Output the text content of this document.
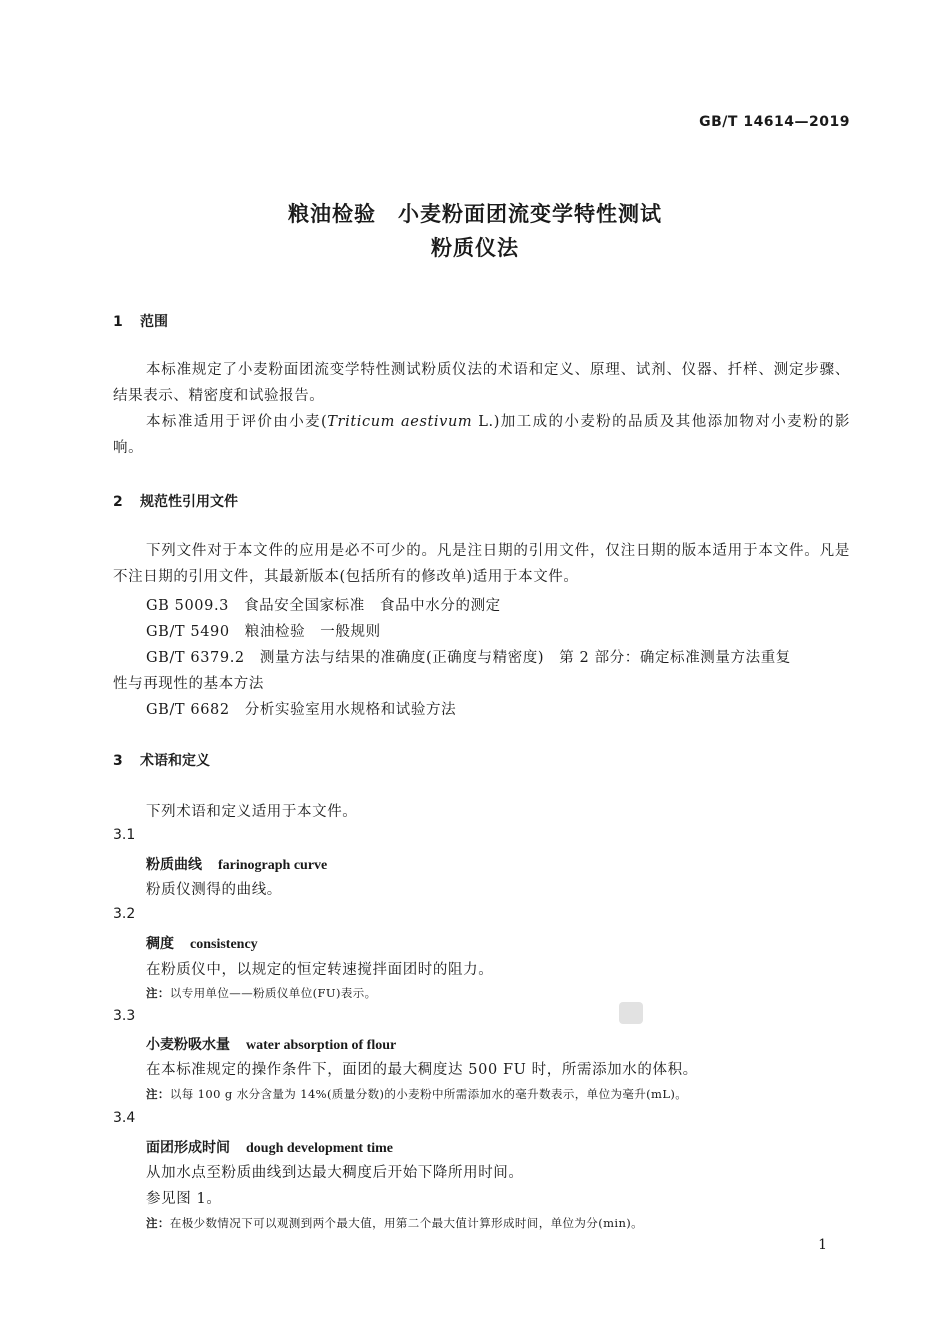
GB/T 14614—2019
粮油检验　小麦粉面团流变学特性测试
粉质仪法
1 范围
本标准规定了小麦粉面团流变学特性测试粉质仪法的术语和定义、原理、试剂、仪器、扦样、测定步骤、结果表示、精密度和试验报告。
本标准适用于评价由小麦(Triticum aestivum L.)加工成的小麦粉的品质及其他添加物对小麦粉的影响。
2 规范性引用文件
下列文件对于本文件的应用是必不可少的。凡是注日期的引用文件，仅注日期的版本适用于本文件。凡是不注日期的引用文件，其最新版本(包括所有的修改单)适用于本文件。
GB 5009.3　食品安全国家标准　食品中水分的测定
GB/T 5490　粮油检验　一般规则
GB/T 6379.2　测量方法与结果的准确度(正确度与精密度)　第 2 部分：确定标准测量方法重复
性与再现性的基本方法
GB/T 6682　分析实验室用水规格和试验方法
3 术语和定义
下列术语和定义适用于本文件。
3.1
粉质曲线 farinograph curve
粉质仪测得的曲线。
3.2
稠度 consistency
在粉质仪中，以规定的恒定转速搅拌面团时的阻力。
注：以专用单位——粉质仪单位(FU)表示。
3.3
小麦粉吸水量 water absorption of flour
在本标准规定的操作条件下，面团的最大稠度达 500 FU 时，所需添加水的体积。
注：以每 100 g 水分含量为 14%(质量分数)的小麦粉中所需添加水的毫升数表示，单位为毫升(mL)。
3.4
面团形成时间 dough development time
从加水点至粉质曲线到达最大稠度后开始下降所用时间。
参见图 1。
注：在极少数情况下可以观测到两个最大值，用第二个最大值计算形成时间，单位为分(min)。
1
